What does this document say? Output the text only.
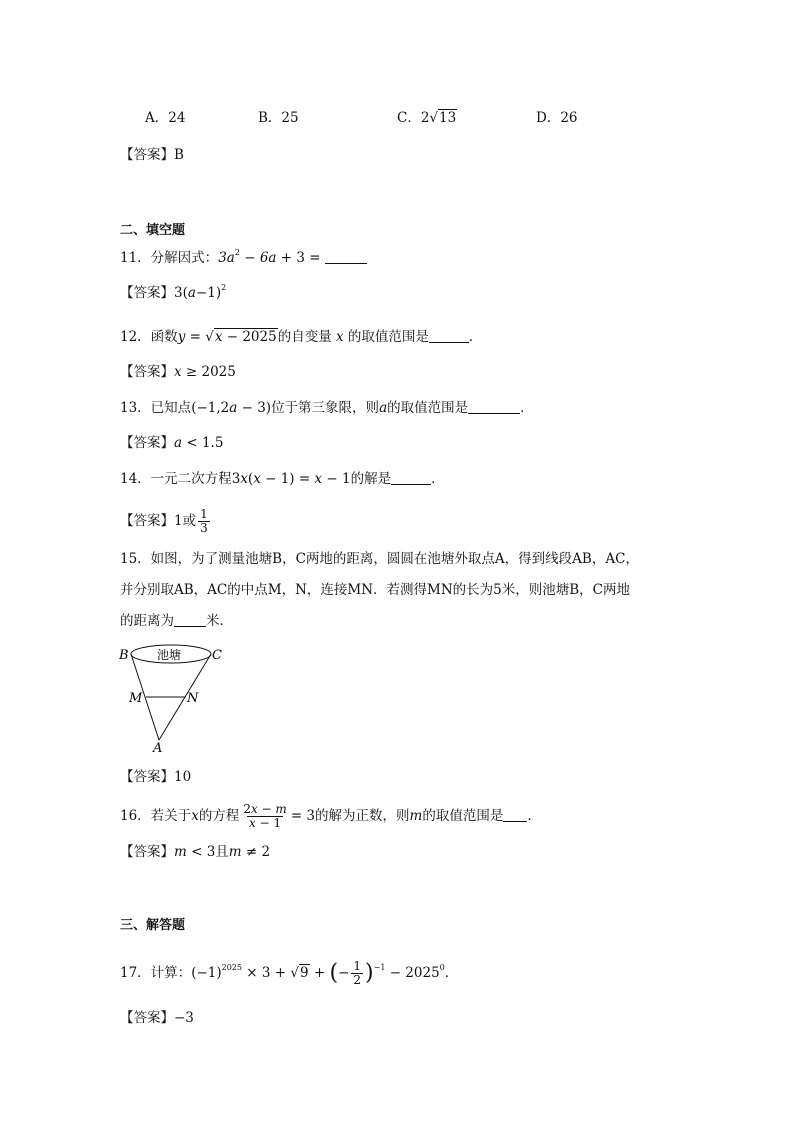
A．24	B．25	C．2√13	D．26
【答案】B
二、填空题
11．分解因式：$3a^2 - 6a + 3$ =
【答案】$3(a-1)^2$
12．函数y = √x − 2025的自变量 x 的取值范围是	．
【答案】x ≥ 2025
13．已知点(−1,2a − 3)位于第三象限，则a的取值范围是	．
【答案】a < 1.5
14．一元二次方程3x(x − 1) = x − 1的解是	．
【答案】1或 $\frac{1}{3}$
15．如图，为了测量池塘B，C两地的距离，圆圆在池塘外取点A，得到线段AB，AC，
并分别取AB，AC的中点M，N，连接MN．若测得MN的长为5米，则池塘B，C两地
的距离为 米．
池塘
B	C
M	N
A
【答案】10
16．若关于x的方程 $\frac{2x - m}{x - 1} = 3$的解为正数，则m的取值范围是 ．
【答案】m < 3且m ≠ 2
三、解答题
17．计算：$(-1)^{2025} \times 3 + √9$ + (− $\frac{1}{2} )^{-1} - 2025^0$．
【答案】−3
